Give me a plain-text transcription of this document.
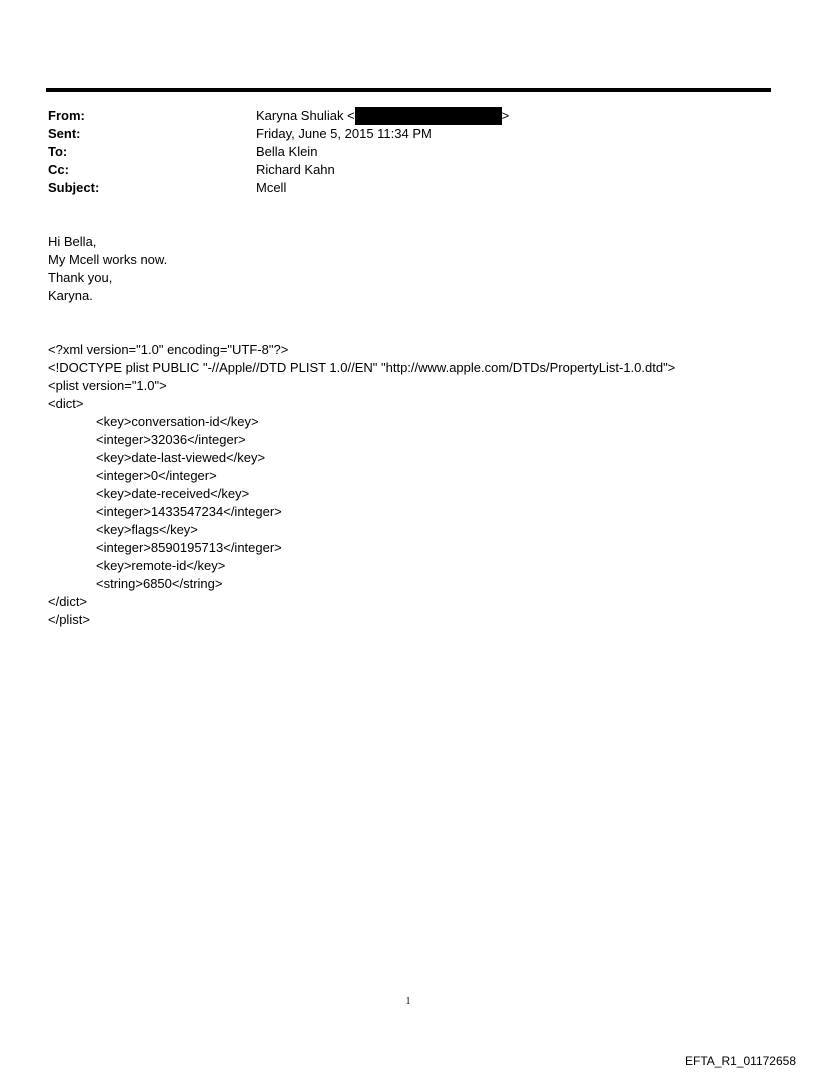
From:	Karyna Shuliak <	>
Sent:	Friday, June 5, 2015 11:34 PM
To:	Bella Klein
Cc:	Richard Kahn
Subject:	Mcell
Hi Bella,
My Mcell works now.
Thank you,
Karyna.
<?xml version="1.0" encoding="UTF-8"?>
<!DOCTYPE plist PUBLIC "-//Apple//DTD PLIST 1.0//EN" "http://www.apple.com/DTDs/PropertyList-1.0.dtd">
<plist version="1.0">
<dict>
<key>conversation-id</key>
<integer>32036</integer>
<key>date-last-viewed</key>
<integer>0</integer>
<key>date-received</key>
<integer>1433547234</integer>
<key>flags</key>
<integer>8590195713</integer>
<key>remote-id</key>
<string>6850</string>
</dict>
</plist>
1
EFTA_R1_01172658
